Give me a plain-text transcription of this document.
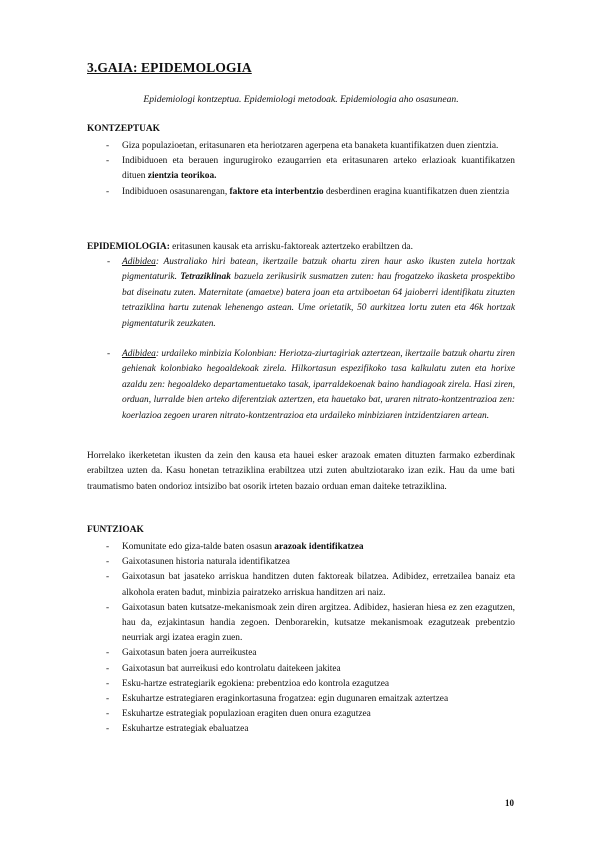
3.GAIA: EPIDEMOLOGIA
Epidemiologi kontzeptua. Epidemiologi metodoak. Epidemiologia aho osasunean.
KONTZEPTUAK
- Giza populazioetan, eritasunaren eta heriotzaren agerpena eta banaketa kuantifikatzen duen zientzia.
- Indibiduoen eta berauen ingurugiroko ezaugarrien eta eritasunaren arteko erlazioak kuantifikatzen dituen zientzia teorikoa.
- Indibiduoen osasunarengan, faktore eta interbentzio desberdinen eragina kuantifikatzen duen zientzia
EPIDEMIOLOGIA: eritasunen kausak eta arrisku-faktoreak aztertzeko erabiltzen da.
- Adibidea: Australiako hiri batean, ikertzaile batzuk ohartu ziren haur asko ikusten zutela hortzak pigmentaturik. Tetraziklinak bazuela zerikusirik susmatzen zuten: hau frogatzeko ikasketa prospektibo bat diseinatu zuten. Maternitate (amaetxe) batera joan eta artxiboetan 64 jaioberri identifikatu zituzten tetraziklina hartu zutenak lehenengo astean. Ume orietatik, 50 aurkitzea lortu zuten eta 46k hortzak pigmentaturik zeuzkaten.
- Adibidea: urdaileko minbizia Kolonbian: Heriotza-ziurtagiriak aztertzean, ikertzaile batzuk ohartu ziren gehienak kolonbiako hegoaldekoak zirela. Hilkortasun espezifikoko tasa kalkulatu zuten eta horixe azaldu zen: hegoaldeko departamentuetako tasak, iparraldekoenak baino handiagoak zirela. Hasi ziren, orduan, lurralde bien arteko diferentziak aztertzen, eta hauetako bat, uraren nitrato-kontzentrazioa zen: koerlazioa zegoen uraren nitrato-kontzentrazioa eta urdaileko minbiziaren intzidentziaren artean.
Horrelako ikerketetan ikusten da zein den kausa eta hauei esker arazoak ematen dituzten farmako ezberdinak erabiltzea uzten da. Kasu honetan tetraziklina erabiltzea utzi zuten abultziotarako izan ezik. Hau da ume bati traumatismo baten ondorioz intsizibo bat osorik irteten bazaio orduan eman daiteke tetraziklina.
FUNTZIOAK
- Komunitate edo giza-talde baten osasun arazoak identifikatzea
- Gaixotasunen historia naturala identifikatzea
- Gaixotasun bat jasateko arriskua handitzen duten faktoreak bilatzea. Adibidez, erretzailea banaiz eta alkohola eraten badut, minbizia pairatzeko arriskua handitzen ari naiz.
- Gaixotasun baten kutsatze-mekanismoak zein diren argitzea. Adibidez, hasieran hiesa ez zen ezagutzen, hau da, ezjakintasun handia zegoen. Denborarekin, kutsatze mekanismoak ezagutzeak prebentzio neurriak argi izatea eragin zuen.
- Gaixotasun baten joera aurreikustea
- Gaixotasun bat aurreikusi edo kontrolatu daitekeen jakitea
- Esku-hartze estrategiarik egokiena: prebentzioa edo kontrola ezagutzea
- Eskuhartze estrategiaren eraginkortasuna frogatzea: egin dugunaren emaitzak aztertzea
- Eskuhartze estrategiak populazioan eragiten duen onura ezagutzea
- Eskuhartze estrategiak ebaluatzea
10
